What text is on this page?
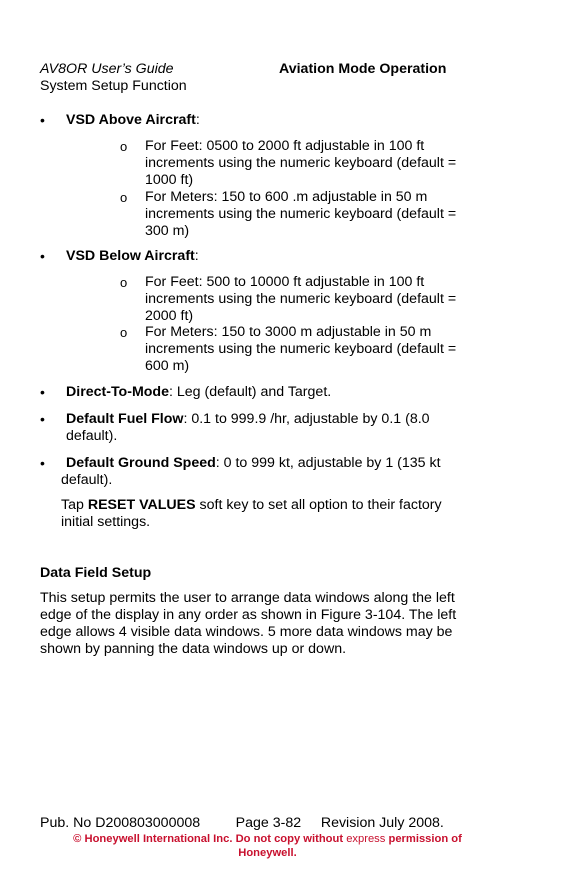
AV8OR User’s Guide	Aviation Mode Operation
System Setup Function
• VSD Above Aircraft:
o For Feet: 0500 to 2000 ft adjustable in 100 ft
increments using the numeric keyboard (default =
1000 ft)
o For Meters: 150 to 600 .m adjustable in 50 m
increments using the numeric keyboard (default =
300 m)
• VSD Below Aircraft:
o For Feet: 500 to 10000 ft adjustable in 100 ft
increments using the numeric keyboard (default =
2000 ft)
o For Meters: 150 to 3000 m adjustable in 50 m
increments using the numeric keyboard (default =
600 m)
• Direct-To-Mode: Leg (default) and Target.
• Default Fuel Flow: 0.1 to 999.9 /hr, adjustable by 0.1 (8.0
default).
• Default Ground Speed: 0 to 999 kt, adjustable by 1 (135 kt
default).
Tap RESET VALUES soft key to set all option to their factory
initial settings.
Data Field Setup
This setup permits the user to arrange data windows along the left
edge of the display in any order as shown in Figure 3-104. The left
edge allows 4 visible data windows. 5 more data windows may be
shown by panning the data windows up or down.
Pub. No D200803000008 Page 3-82 Revision July 2008.
© Honeywell International Inc. Do not copy without express permission of
Honeywell.
